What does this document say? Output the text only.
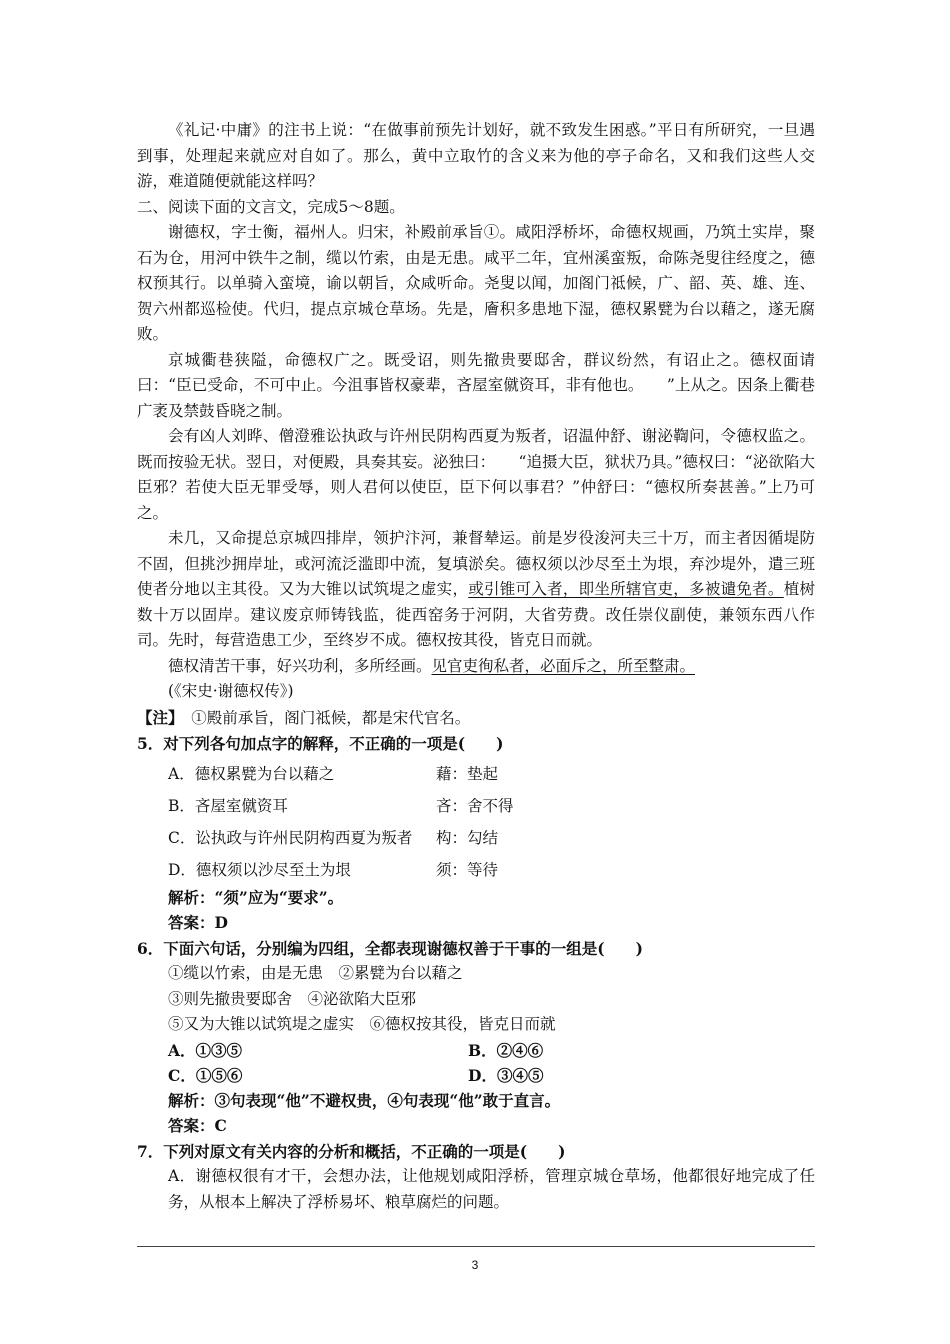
《礼记·中庸》的注书上说：“在做事前预先计划好，就不致发生困惑。”平日有所研究，一旦遇到事，处理起来就应对自如了。那么，黄中立取竹的含义来为他的亭子命名，又和我们这些人交游，难道随便就能这样吗？

二、阅读下面的文言文，完成5～8题。

谢德权，字士衡，福州人。归宋，补殿前承旨①。咸阳浮桥坏，命德权规画，乃筑土实岸，聚石为仓，用河中铁牛之制，缆以竹索，由是无患。咸平二年，宜州溪蛮叛，命陈尧叟往经度之，德权预其行。以单骑入蛮境，谕以朝旨，众咸听命。尧叟以闻，加阁门祗候，广、韶、英、雄、连、贺六州都巡检使。代归，提点京城仓草场。先是，廥积多患地下湿，德权累甓为台以藉之，遂无腐败。

京城衢巷狭隘，命德权广之。既受诏，则先撤贵要邸舍，群议纷然，有诏止之。德权面请曰：“臣已受命，不可中止。今沮事皆权豪辈，吝屋室僦资耳，非有他也。　　”上从之。因条上衢巷广袤及禁鼓昏晓之制。

会有凶人刘晔、僧澄雅讼执政与许州民阴构西夏为叛者，诏温仲舒、谢泌鞫问，令德权监之。既而按验无状。翌日，对便殿，具奏其妄。泌独曰：　　“追摄大臣，狱状乃具。”德权曰：“泌欲陷大臣邪？若使大臣无罪受辱，则人君何以使臣，臣下何以事君？”仲舒曰：“德权所奏甚善。”上乃可之。

未几，又命提总京城四排岸，领护汴河，兼督辇运。前是岁役浚河夫三十万，而主者因循堤防不固，但挑沙拥岸址，或河流泛滥即中流，复填淤矣。德权须以沙尽至土为垠，弃沙堤外，遣三班使者分地以主其役。又为大锥以试筑堤之虚实，或引锥可入者，即坐所辖官吏，多被谴免者。植树数十万以固岸。建议废京师铸钱监，徙西窑务于河阴，大省劳费。改任崇仪副使，兼领东西八作司。先时，每营造患工少，至终岁不成。德权按其役，皆克日而就。

德权清苦干事，好兴功利，多所经画。见官吏徇私者，必面斥之，所至整肃。

(《宋史·谢德权传》)

【注】　 ①殿前承旨，阁门祗候，都是宋代官名。

5．对下列各句加点字的解释，不正确的一项是(　　)

A．德权累甓为台以藉之	藉：垫起
B．吝屋室僦资耳	吝：舍不得
C．讼执政与许州民阴构西夏为叛者	构：勾结
D．德权须以沙尽至土为垠	须：等待

解析：“须”应为“要求”。

答案：D

6．下面六句话，分别编为四组，全都表现谢德权善于干事的一组是(　　)

①缆以竹索，由是无患　②累甓为台以藉之

③则先撤贵要邸舍　④泌欲陷大臣邪

⑤又为大锥以试筑堤之虚实　⑥德权按其役，皆克日而就

A．①③⑤	B．②④⑥
C．①⑤⑥	D．③④⑤

解析：③句表现“他”不避权贵，④句表现“他”敢于直言。

答案：C

7．下列对原文有关内容的分析和概括，不正确的一项是(　　)

A．谢德权很有才干，会想办法，让他规划咸阳浮桥，管理京城仓草场，他都很好地完成了任务，从根本上解决了浮桥易坏、粮草腐烂的问题。

3
